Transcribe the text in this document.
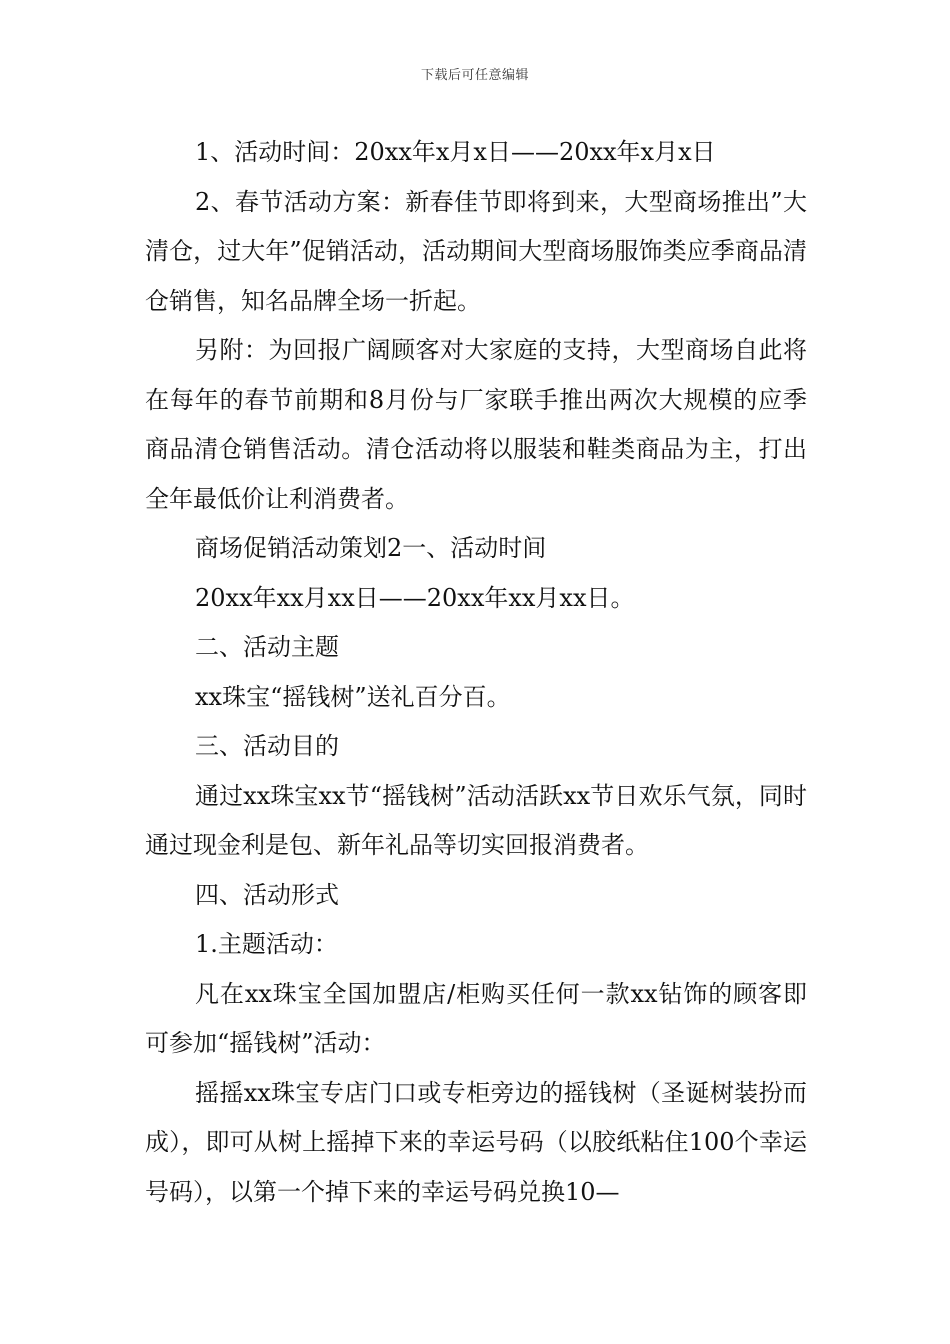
下载后可任意编辑

1、活动时间：20xx年x月x日——20xx年x月x日

2、春节活动方案：新春佳节即将到来，大型商场推出”大清仓，过大年”促销活动，活动期间大型商场服饰类应季商品清仓销售，知名品牌全场一折起。

另附：为回报广阔顾客对大家庭的支持，大型商场自此将在每年的春节前期和8月份与厂家联手推出两次大规模的应季商品清仓销售活动。清仓活动将以服装和鞋类商品为主，打出全年最低价让利消费者。

商场促销活动策划2一、活动时间

20xx年xx月xx日——20xx年xx月xx日。

二、活动主题

xx珠宝“摇钱树”送礼百分百。

三、活动目的

通过xx珠宝xx节“摇钱树”活动活跃xx节日欢乐气氛，同时通过现金利是包、新年礼品等切实回报消费者。

四、活动形式

1.主题活动：

凡在xx珠宝全国加盟店/柜购买任何一款xx钻饰的顾客即可参加“摇钱树”活动：

摇摇xx珠宝专店门口或专柜旁边的摇钱树（圣诞树装扮而成），即可从树上摇掉下来的幸运号码（以胶纸粘住100个幸运号码），以第一个掉下来的幸运号码兑换10—
